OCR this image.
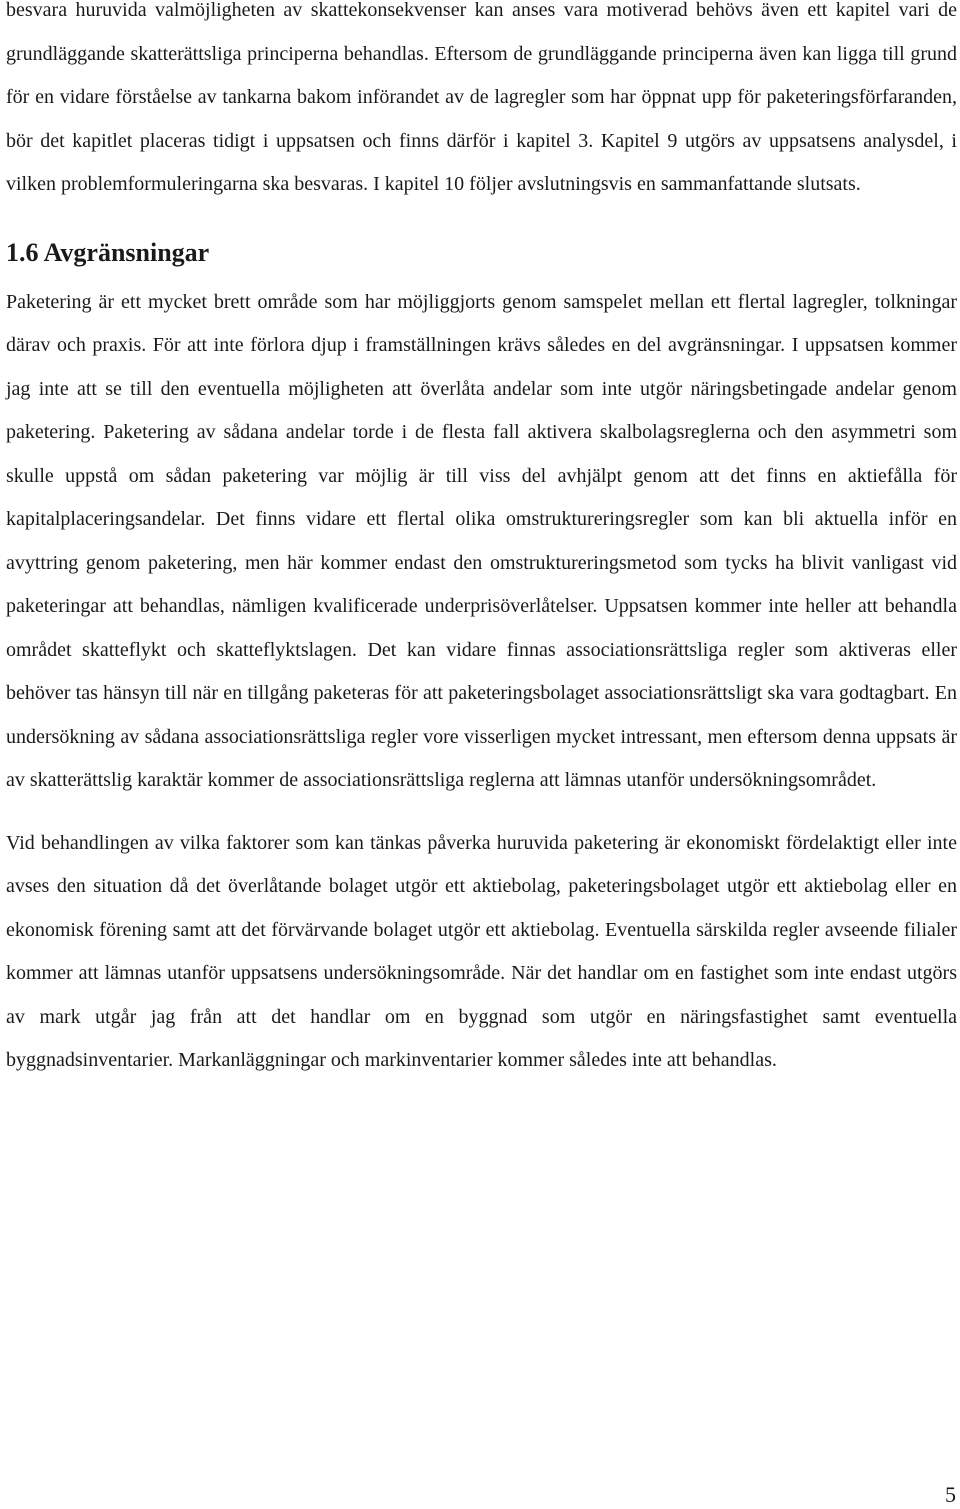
besvara huruvida valmöjligheten av skattekonsekvenser kan anses vara motiverad behövs även ett kapitel vari de grundläggande skatterättsliga principerna behandlas. Eftersom de grundläggande principerna även kan ligga till grund för en vidare förståelse av tankarna bakom införandet av de lagregler som har öppnat upp för paketeringsförfaranden, bör det kapitlet placeras tidigt i uppsatsen och finns därför i kapitel 3. Kapitel 9 utgörs av uppsatsens analysdel, i vilken problemformuleringarna ska besvaras. I kapitel 10 följer avslutningsvis en sammanfattande slutsats.

1.6 Avgränsningar

Paketering är ett mycket brett område som har möjliggjorts genom samspelet mellan ett flertal lagregler, tolkningar därav och praxis. För att inte förlora djup i framställningen krävs således en del avgränsningar. I uppsatsen kommer jag inte att se till den eventuella möjligheten att överlåta andelar som inte utgör näringsbetingade andelar genom paketering. Paketering av sådana andelar torde i de flesta fall aktivera skalbolagsreglerna och den asymmetri som skulle uppstå om sådan paketering var möjlig är till viss del avhjälpt genom att det finns en aktiefålla för kapitalplaceringsandelar. Det finns vidare ett flertal olika omstruktureringsregler som kan bli aktuella inför en avyttring genom paketering, men här kommer endast den omstruktureringsmetod som tycks ha blivit vanligast vid paketeringar att behandlas, nämligen kvalificerade underprisöverlåtelser. Uppsatsen kommer inte heller att behandla området skatteflykt och skatteflyktslagen. Det kan vidare finnas associationsrättsliga regler som aktiveras eller behöver tas hänsyn till när en tillgång paketeras för att paketeringsbolaget associationsrättsligt ska vara godtagbart. En undersökning av sådana associationsrättsliga regler vore visserligen mycket intressant, men eftersom denna uppsats är av skatterättslig karaktär kommer de associationsrättsliga reglerna att lämnas utanför undersökningsområdet.

Vid behandlingen av vilka faktorer som kan tänkas påverka huruvida paketering är ekonomiskt fördelaktigt eller inte avses den situation då det överlåtande bolaget utgör ett aktiebolag, paketeringsbolaget utgör ett aktiebolag eller en ekonomisk förening samt att det förvärvande bolaget utgör ett aktiebolag. Eventuella särskilda regler avseende filialer kommer att lämnas utanför uppsatsens undersökningsområde. När det handlar om en fastighet som inte endast utgörs av mark utgår jag från att det handlar om en byggnad som utgör en näringsfastighet samt eventuella byggnadsinventarier. Markanläggningar och markinventarier kommer således inte att behandlas.

5
